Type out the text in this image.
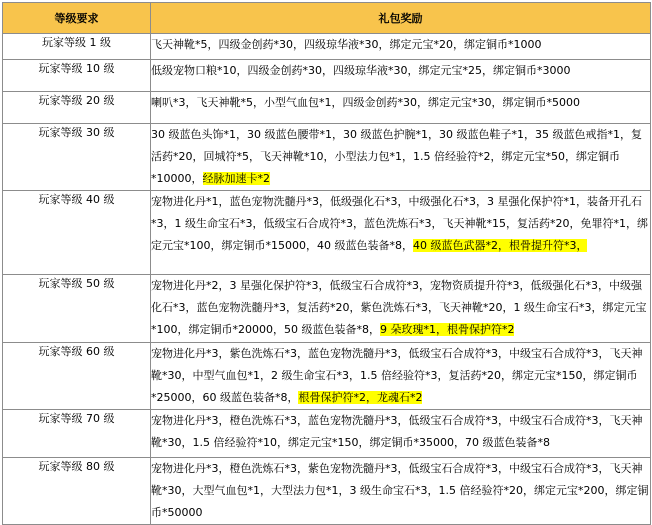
等级要求	礼包奖励
玩家等级 1 级	飞天神靴*5，四级金创药*30，四级琼华液*30，绑定元宝*20，绑定铜币*1000
玩家等级 10 级	低级宠物口粮*10，四级金创药*30，四级琼华液*30，绑定元宝*25，绑定铜币*3000
玩家等级 20 级	喇叭*3，飞天神靴*5，小型气血包*1，四级金创药*30，绑定元宝*30，绑定铜币*5000
玩家等级 30 级	30 级蓝色头饰*1，30 级蓝色腰带*1，30 级蓝色护腕*1，30 级蓝色鞋子*1，35 级蓝色戒指*1，复活药*20，回城符*5，飞天神靴*10，小型法力包*1，1.5 倍经验符*2，绑定元宝*50，绑定铜币*10000，经脉加速卡*2
玩家等级 40 级	宠物进化丹*1，蓝色宠物洗髓丹*3，低级强化石*3，中级强化石*3，3 星强化保护符*1，装备开孔石*3，1 级生命宝石*3，低级宝石合成符*3，蓝色洗炼石*3，飞天神靴*15，复活药*20，免罪符*1，绑定元宝*100，绑定铜币*15000，40 级蓝色装备*8，40 级蓝色武器*2，根骨提升符*3，
玩家等级 50 级	宠物进化丹*2，3 星强化保护符*3，低级宝石合成符*3，宠物资质提升符*3，低级强化石*3，中级强化石*3，蓝色宠物洗髓丹*3，复活药*20，紫色洗炼石*3，飞天神靴*20，1 级生命宝石*3，绑定元宝*100，绑定铜币*20000，50 级蓝色装备*8，9 朵玫瑰*1，根骨保护符*2
玩家等级 60 级	宠物进化丹*3，紫色洗炼石*3，蓝色宠物洗髓丹*3，低级宝石合成符*3，中级宝石合成符*3，飞天神靴*30，中型气血包*1，2 级生命宝石*3，1.5 倍经验符*3，复活药*20，绑定元宝*150，绑定铜币*25000，60 级蓝色装备*8，根骨保护符*2，龙魂石*2
玩家等级 70 级	宠物进化丹*3，橙色洗炼石*3，蓝色宠物洗髓丹*3，低级宝石合成符*3，中级宝石合成符*3，飞天神靴*30，1.5 倍经验符*10，绑定元宝*150，绑定铜币*35000，70 级蓝色装备*8
玩家等级 80 级	宠物进化丹*3，橙色洗炼石*3，紫色宠物洗髓丹*3，低级宝石合成符*3，中级宝石合成符*3，飞天神靴*30，大型气血包*1，大型法力包*1，3 级生命宝石*3，1.5 倍经验符*20，绑定元宝*200，绑定铜币*50000
